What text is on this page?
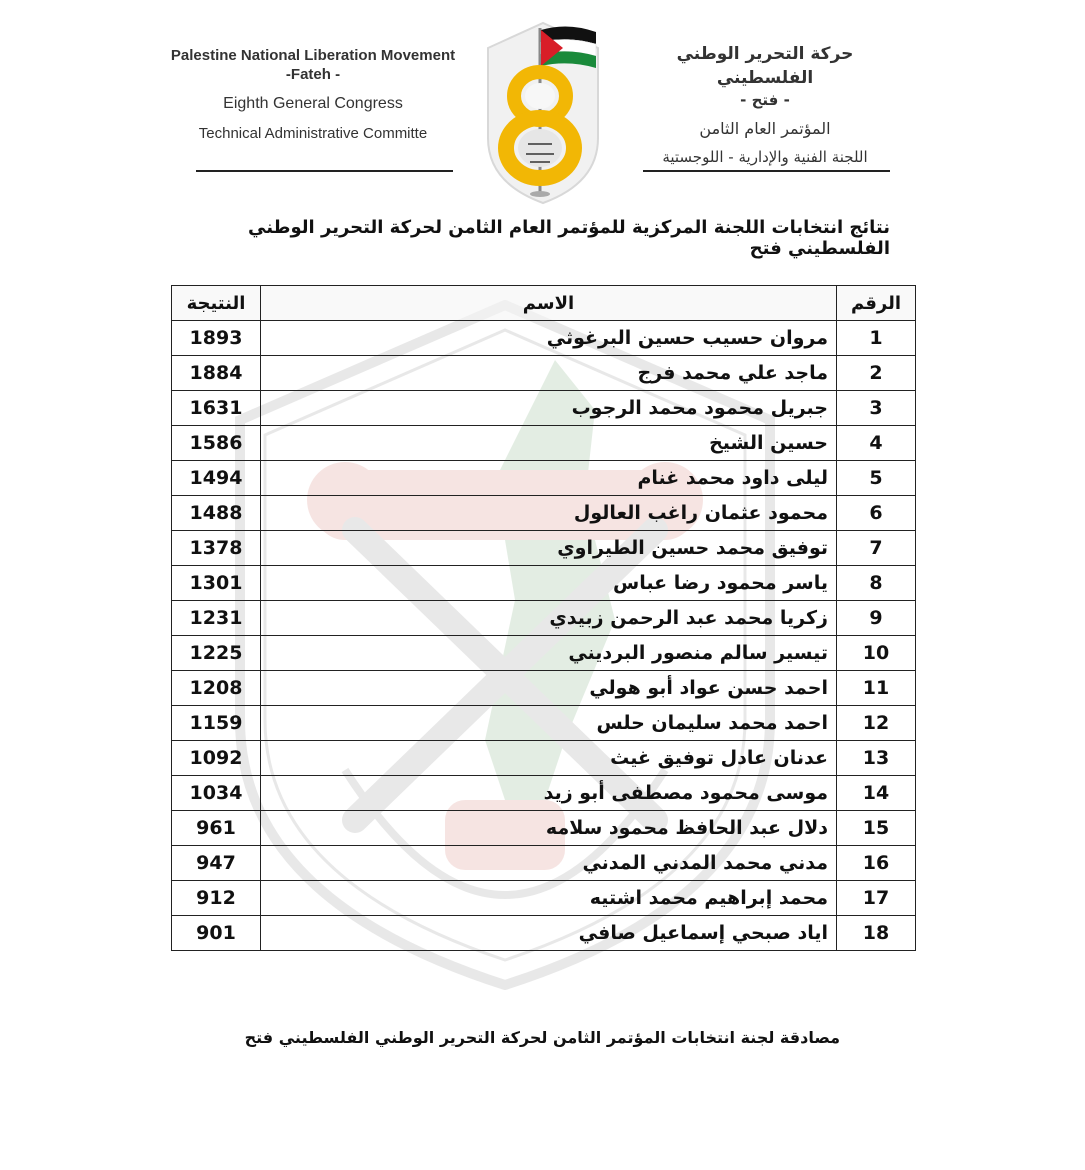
Palestine National Liberation Movement
-Fateh -
Eighth General Congress
Technical Administrative Committe
حركة التحرير الوطني الفلسطيني
- فتح -
المؤتمر العام الثامن
اللجنة الفنية والإدارية - اللوجستية
نتائج انتخابات اللجنة المركزية للمؤتمر العام الثامن لحركة التحرير الوطني الفلسطيني فتح
الرقم	الاسم	النتيجة
1	مروان حسيب حسين البرغوثي	1893
2	ماجد علي محمد فرج	1884
3	جبريل محمود محمد الرجوب	1631
4	حسين الشيخ	1586
5	ليلى داود محمد غنام	1494
6	محمود عثمان راغب العالول	1488
7	توفيق محمد حسين الطيراوي	1378
8	ياسر محمود رضا عباس	1301
9	زكريا محمد عبد الرحمن زبيدي	1231
10	تيسير سالم منصور البرديني	1225
11	احمد حسن عواد أبو هولي	1208
12	احمد محمد سليمان حلس	1159
13	عدنان عادل توفيق غيث	1092
14	موسى محمود مصطفى أبو زيد	1034
15	دلال عبد الحافظ محمود سلامه	961
16	مدني محمد المدني المدني	947
17	محمد إبراهيم محمد اشتيه	912
18	اياد صبحي إسماعيل صافي	901
مصادقة لجنة انتخابات المؤتمر الثامن لحركة التحرير الوطني الفلسطيني فتح
